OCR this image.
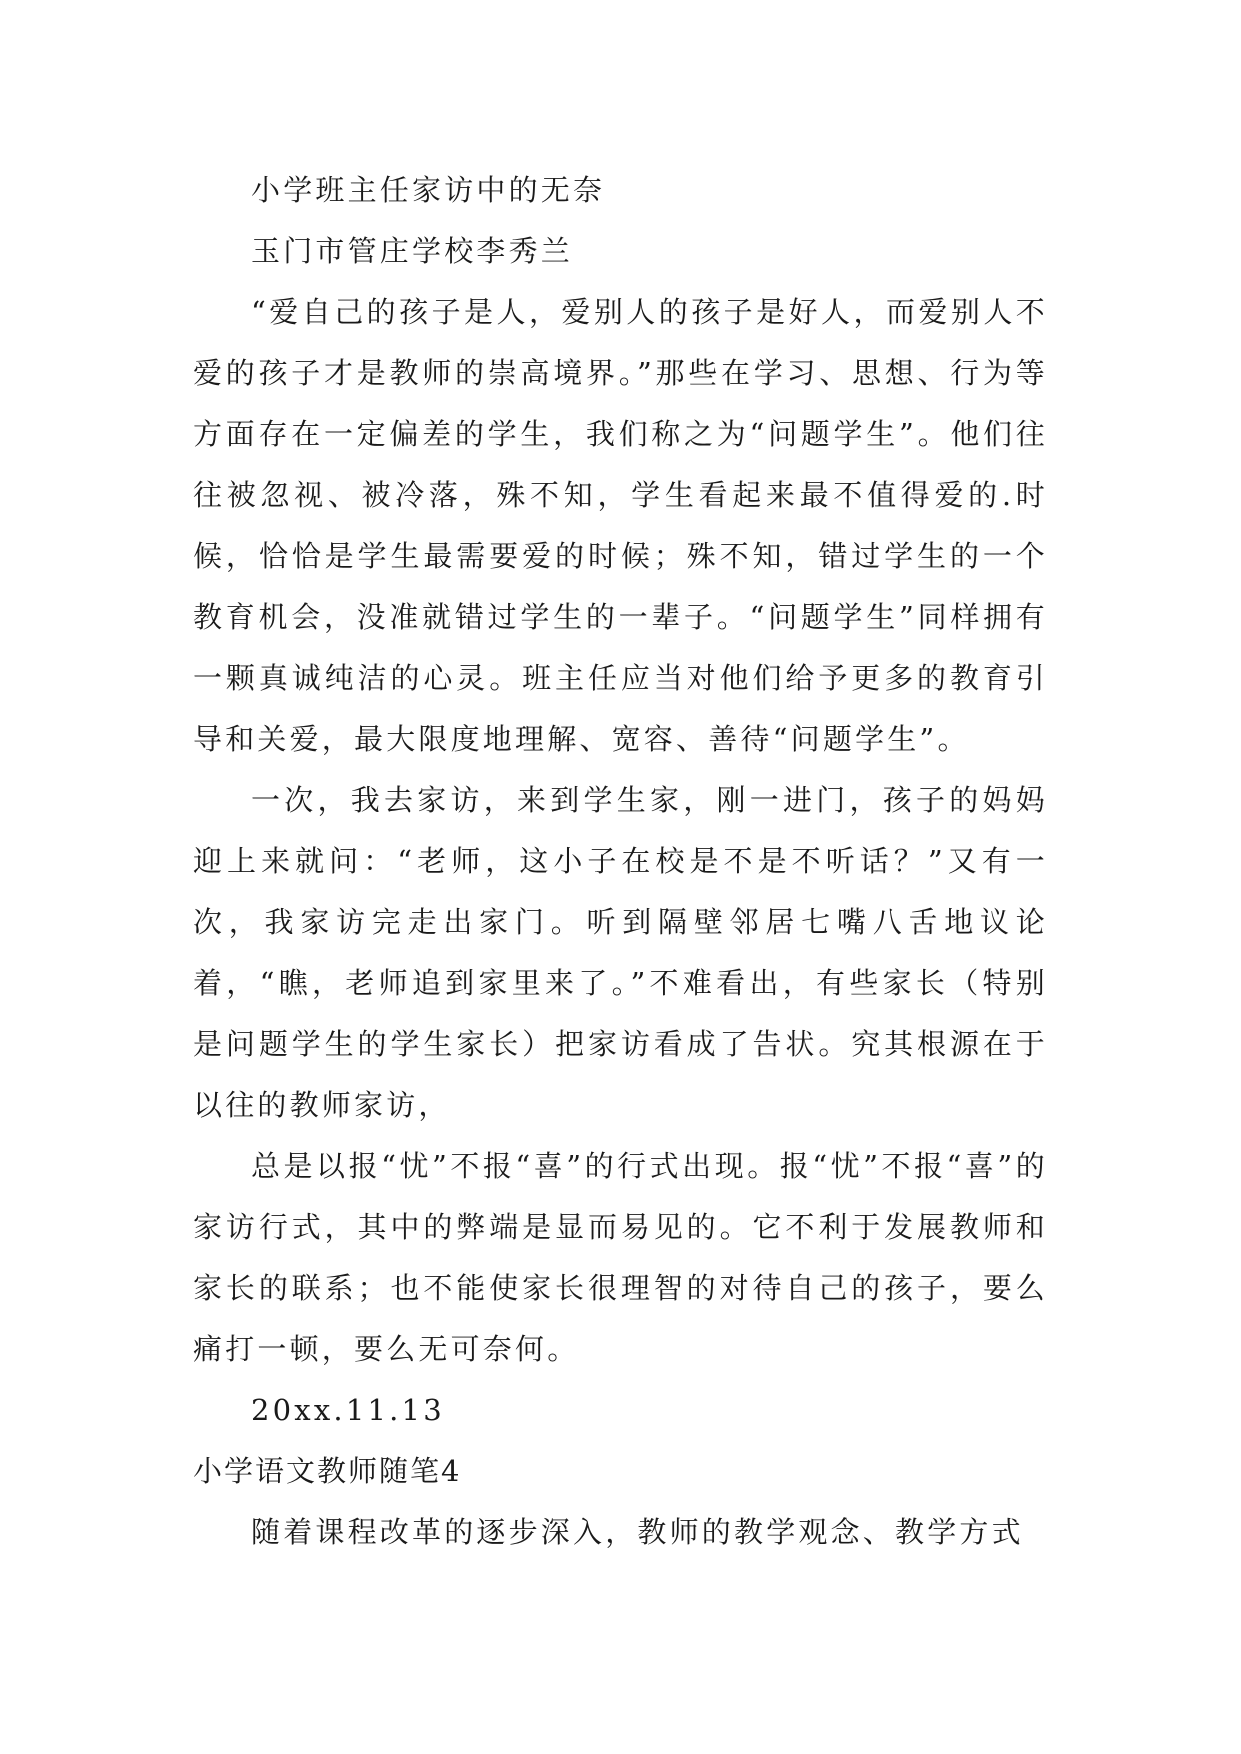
小学班主任家访中的无奈

玉门市管庄学校李秀兰

“爱自己的孩子是人，爱别人的孩子是好人，而爱别人不爱的孩子才是教师的崇高境界。”那些在学习、思想、行为等方面存在一定偏差的学生，我们称之为“问题学生”。他们往往被忽视、被冷落，殊不知，学生看起来最不值得爱的.时候，恰恰是学生最需要爱的时候；殊不知，错过学生的一个教育机会，没准就错过学生的一辈子。“问题学生”同样拥有一颗真诚纯洁的心灵。班主任应当对他们给予更多的教育引导和关爱，最大限度地理解、宽容、善待“问题学生”。

一次，我去家访，来到学生家，刚一进门，孩子的妈妈迎上来就问：“老师，这小子在校是不是不听话？”又有一次，我家访完走出家门。听到隔壁邻居七嘴八舌地议论着，“瞧，老师追到家里来了。”不难看出，有些家长（特别是问题学生的学生家长）把家访看成了告状。究其根源在于以往的教师家访，

总是以报“忧”不报“喜”的行式出现。报“忧”不报“喜”的家访行式，其中的弊端是显而易见的。它不利于发展教师和家长的联系；也不能使家长很理智的对待自己的孩子，要么痛打一顿，要么无可奈何。

20xx.11.13

小学语文教师随笔4

随着课程改革的逐步深入，教师的教学观念、教学方式
